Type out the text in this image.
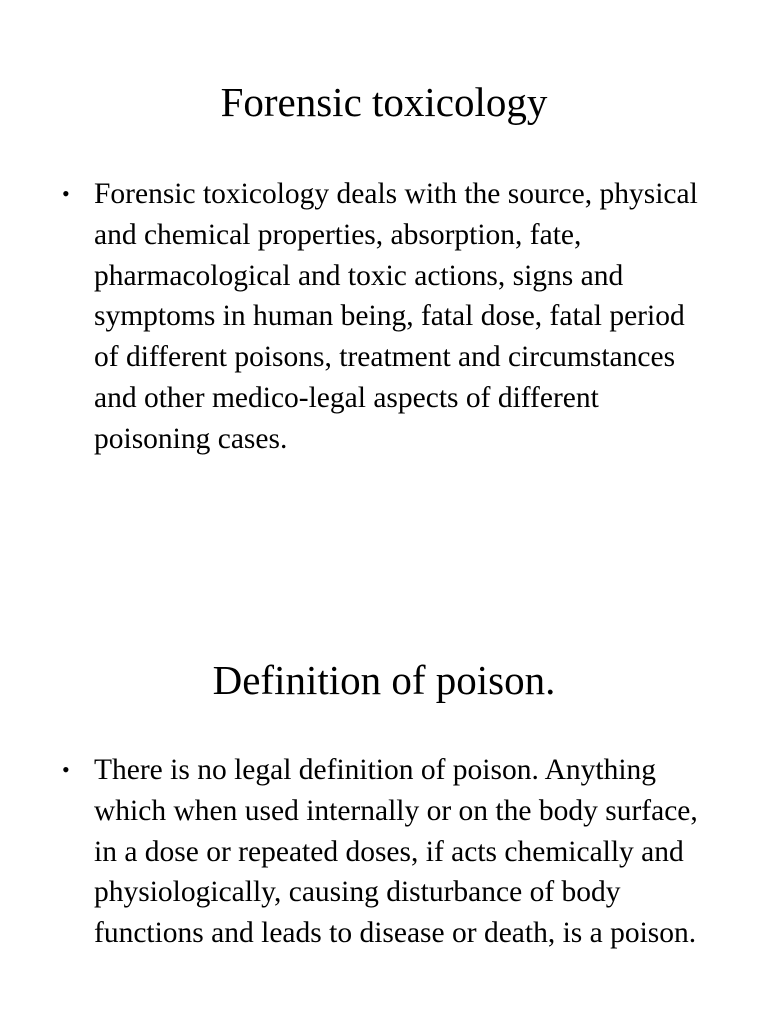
Forensic toxicology
• Forensic toxicology deals with the source, physical and chemical properties, absorption, fate, pharmacological and toxic actions, signs and symptoms in human being, fatal dose, fatal period of different poisons, treatment and circumstances and other medico-legal aspects of different poisoning cases.
Definition of poison.
• There is no legal definition of poison. Anything which when used internally or on the body surface, in a dose or repeated doses, if acts chemically and physiologically, causing disturbance of body functions and leads to disease or death, is a poison.
